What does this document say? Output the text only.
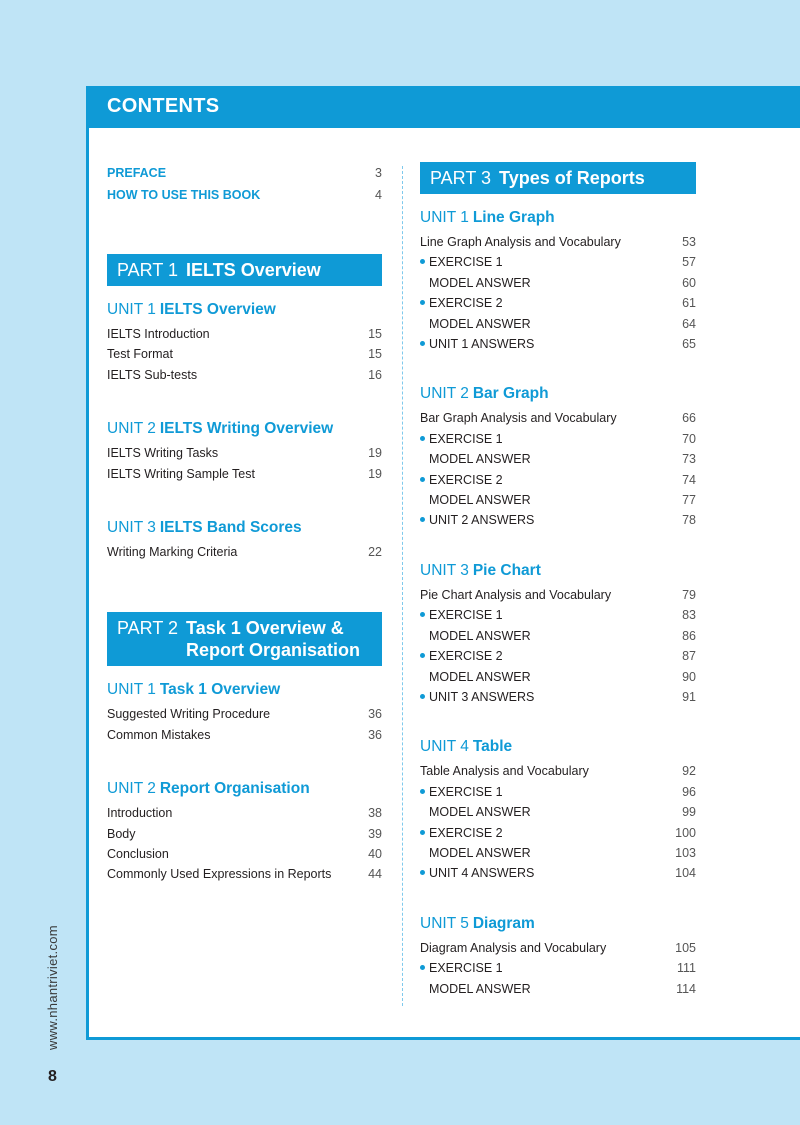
CONTENTS
PREFACE	3
HOW TO USE THIS BOOK	4
PART 1 IELTS Overview
UNIT 1 IELTS Overview
IELTS Introduction	15
Test Format	15
IELTS Sub-tests	16
UNIT 2 IELTS Writing Overview
IELTS Writing Tasks	19
IELTS Writing Sample Test	19
UNIT 3 IELTS Band Scores
Writing Marking Criteria	22
PART 2 Task 1 Overview &
Report Organisation
UNIT 1 Task 1 Overview
Suggested Writing Procedure	36
Common Mistakes	36
UNIT 2 Report Organisation
Introduction	38
Body	39
Conclusion	40
Commonly Used Expressions in Reports	44
PART 3 Types of Reports
UNIT 1 Line Graph
Line Graph Analysis and Vocabulary	53
EXERCISE 1	57
MODEL ANSWER	60
EXERCISE 2	61
MODEL ANSWER	64
UNIT 1 ANSWERS	65
UNIT 2 Bar Graph
Bar Graph Analysis and Vocabulary	66
EXERCISE 1	70
MODEL ANSWER	73
EXERCISE 2	74
MODEL ANSWER	77
UNIT 2 ANSWERS	78
UNIT 3 Pie Chart
Pie Chart Analysis and Vocabulary	79
EXERCISE 1	83
MODEL ANSWER	86
EXERCISE 2	87
MODEL ANSWER	90
UNIT 3 ANSWERS	91
UNIT 4 Table
Table Analysis and Vocabulary	92
EXERCISE 1	96
MODEL ANSWER	99
EXERCISE 2	100
MODEL ANSWER	103
UNIT 4 ANSWERS	104
UNIT 5 Diagram
Diagram Analysis and Vocabulary	105
EXERCISE 1	111
MODEL ANSWER	114
www.nhantriviet.com
8
